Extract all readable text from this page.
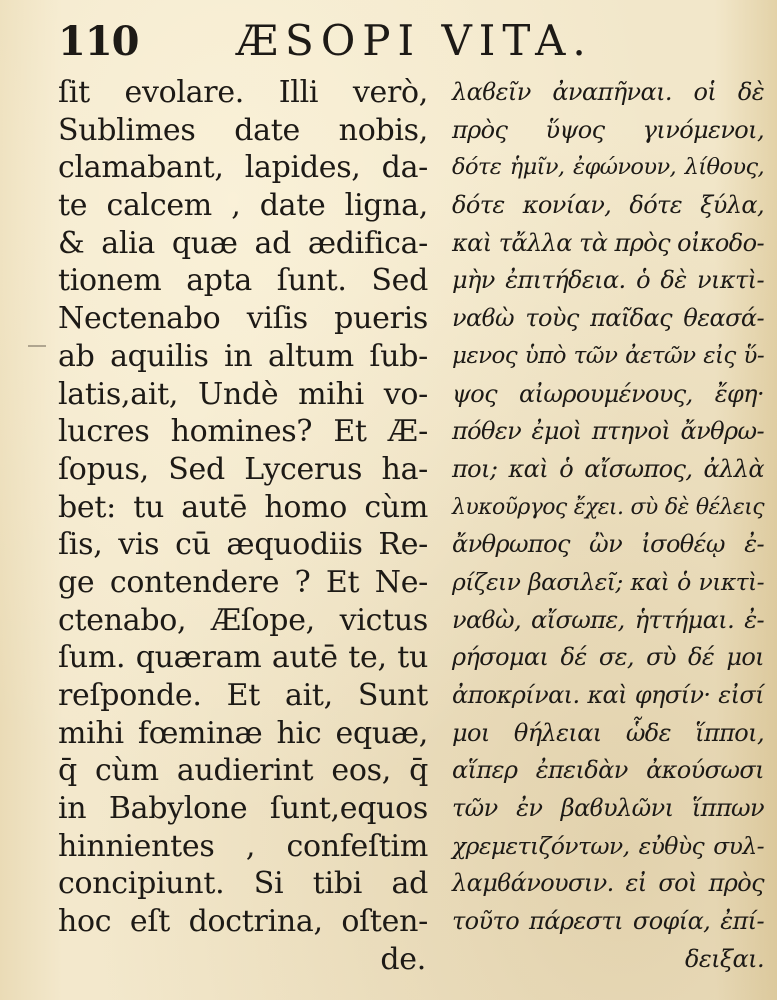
110 ÆSOPI VITA.
ſit evolare. Illi verò,
Sublimes date nobis,
clamabant, lapides, da-
te calcem , date ligna,
& alia quæ ad ædifica-
tionem apta ſunt. Sed
Nectenabo viſis pueris
ab aquilis in altum ſub-
latis,ait, Undè mihi vo-
lucres homines? Et Æ-
ſopus, Sed Lycerus ha-
bet: tu autē homo cùm
ſis, vis cū æquodiis Re-
ge contendere ? Et Ne-
ctenabo, Æſope, victus
ſum. quæram autē te, tu
reſponde. Et ait, Sunt
mihi fœminæ hic equæ,
q̄ cùm audierint eos, q̄
in Babylone ſunt,equos
hinnientes , confeſtim
concipiunt. Si tibi ad
hoc eſt doctrina, oſten-
de.
λαϐεῖν ἀναπῆναι. οἱ δὲ
πρὸς ὕψος γινόμενοι,
δότε ἡμῖν, ἐφώνουν, λίθους,
δότε κονίαν, δότε ξύλα,
καὶ τἄλλα τὰ πρὸς οἰκοδο-
μὴν ἐπιτήδεια. ὁ δὲ νικτὶ-
ναϐὼ τοὺς παῖδας θεασά-
μενος ὑπὸ τῶν ἀετῶν εἰς ὕ-
ψος αἰωρουμένους, ἔφη·
πόθεν ἐμοὶ πτηνοὶ ἄνθρω-
ποι; καὶ ὁ αἴσωπος, ἀλλὰ
λυκοῦργος ἔχει. σὺ δὲ θέλεις
ἄνθρωπος ὢν ἰσοθέῳ ἐ-
ρίζειν βασιλεῖ; καὶ ὁ νικτὶ-
ναϐὼ, αἴσωπε, ἡττήμαι. ἐ-
ρήσομαι δέ σε, σὺ δέ μοι
ἀποκρίναι. καὶ φησίν· εἰσί
μοι θήλειαι ὧδε ἵπποι,
αἵπερ ἐπειδὰν ἀκούσωσι
τῶν ἐν βαϐυλῶνι ἵππων
χρεμετιζόντων, εὐθὺς συλ-
λαμϐάνουσιν. εἰ σοὶ πρὸς
τοῦτο πάρεστι σοφία, ἐπί-
δειξαι.
